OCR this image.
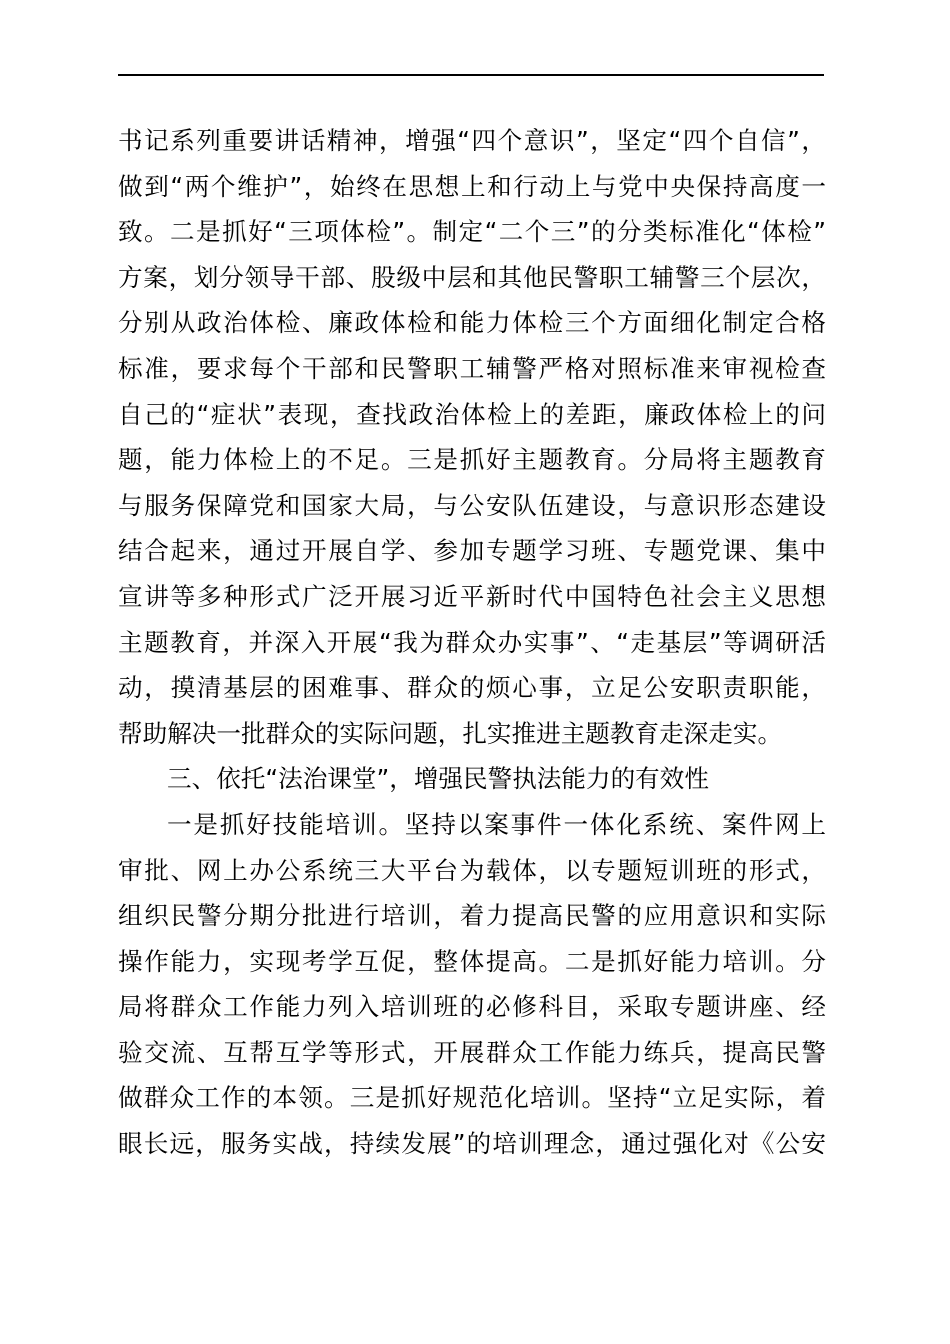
书记系列重要讲话精神，增强“四个意识”，坚定“四个自信”，
做到“两个维护”，始终在思想上和行动上与党中央保持高度一
致。二是抓好“三项体检”。制定“二个三”的分类标准化“体检”
方案，划分领导干部、股级中层和其他民警职工辅警三个层次，
分别从政治体检、廉政体检和能力体检三个方面细化制定合格
标准，要求每个干部和民警职工辅警严格对照标准来审视检查
自己的“症状”表现，查找政治体检上的差距，廉政体检上的问
题，能力体检上的不足。三是抓好主题教育。分局将主题教育
与服务保障党和国家大局，与公安队伍建设，与意识形态建设
结合起来，通过开展自学、参加专题学习班、专题党课、集中
宣讲等多种形式广泛开展习近平新时代中国特色社会主义思想
主题教育，并深入开展“我为群众办实事”、“走基层”等调研活
动，摸清基层的困难事、群众的烦心事，立足公安职责职能，
帮助解决一批群众的实际问题，扎实推进主题教育走深走实。
三、依托“法治课堂”，增强民警执法能力的有效性
一是抓好技能培训。坚持以案事件一体化系统、案件网上
审批、网上办公系统三大平台为载体，以专题短训班的形式，
组织民警分期分批进行培训，着力提高民警的应用意识和实际
操作能力，实现考学互促，整体提高。二是抓好能力培训。分
局将群众工作能力列入培训班的必修科目，采取专题讲座、经
验交流、互帮互学等形式，开展群众工作能力练兵，提高民警
做群众工作的本领。三是抓好规范化培训。坚持“立足实际，着
眼长远，服务实战，持续发展”的培训理念，通过强化对《公安
